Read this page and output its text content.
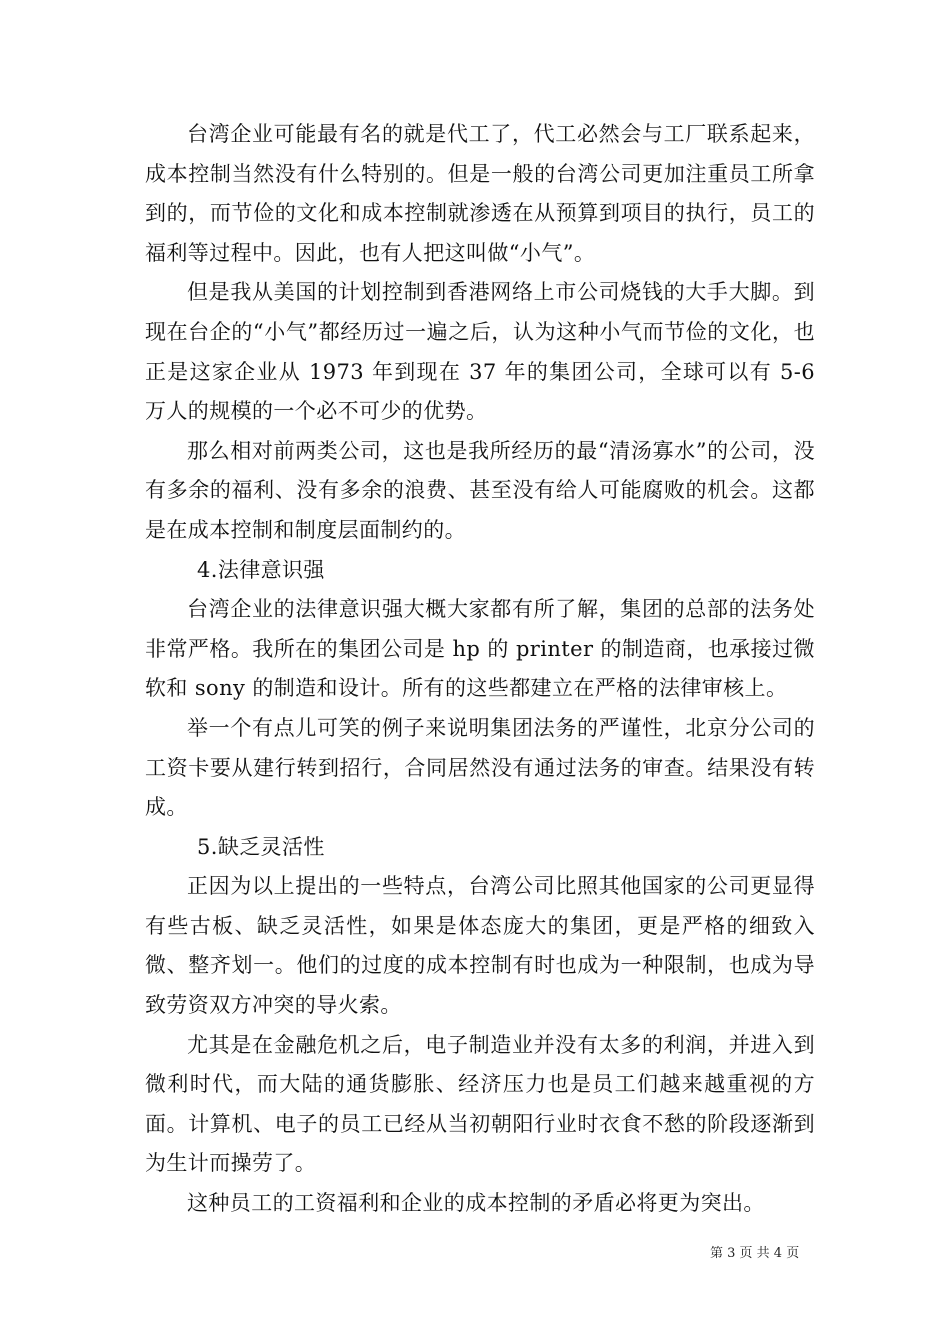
台湾企业可能最有名的就是代工了，代工必然会与工厂联系起来，成本控制当然没有什么特别的。但是一般的台湾公司更加注重员工所拿到的，而节俭的文化和成本控制就渗透在从预算到项目的执行，员工的福利等过程中。因此，也有人把这叫做“小气”。

但是我从美国的计划控制到香港网络上市公司烧钱的大手大脚。到现在台企的“小气”都经历过一遍之后，认为这种小气而节俭的文化，也正是这家企业从 1973 年到现在 37 年的集团公司，全球可以有 5-6 万人的规模的一个必不可少的优势。

那么相对前两类公司，这也是我所经历的最“清汤寡水”的公司，没有多余的福利、没有多余的浪费、甚至没有给人可能腐败的机会。这都是在成本控制和制度层面制约的。

4.法律意识强

台湾企业的法律意识强大概大家都有所了解，集团的总部的法务处非常严格。我所在的集团公司是 hp 的 printer 的制造商，也承接过微软和 sony 的制造和设计。所有的这些都建立在严格的法律审核上。

举一个有点儿可笑的例子来说明集团法务的严谨性，北京分公司的工资卡要从建行转到招行，合同居然没有通过法务的审查。结果没有转成。

5.缺乏灵活性

正因为以上提出的一些特点，台湾公司比照其他国家的公司更显得有些古板、缺乏灵活性，如果是体态庞大的集团，更是严格的细致入微、整齐划一。他们的过度的成本控制有时也成为一种限制，也成为导致劳资双方冲突的导火索。

尤其是在金融危机之后，电子制造业并没有太多的利润，并进入到微利时代，而大陆的通货膨胀、经济压力也是员工们越来越重视的方面。计算机、电子的员工已经从当初朝阳行业时衣食不愁的阶段逐渐到为生计而操劳了。

这种员工的工资福利和企业的成本控制的矛盾必将更为突出。

第 3 页 共 4 页
